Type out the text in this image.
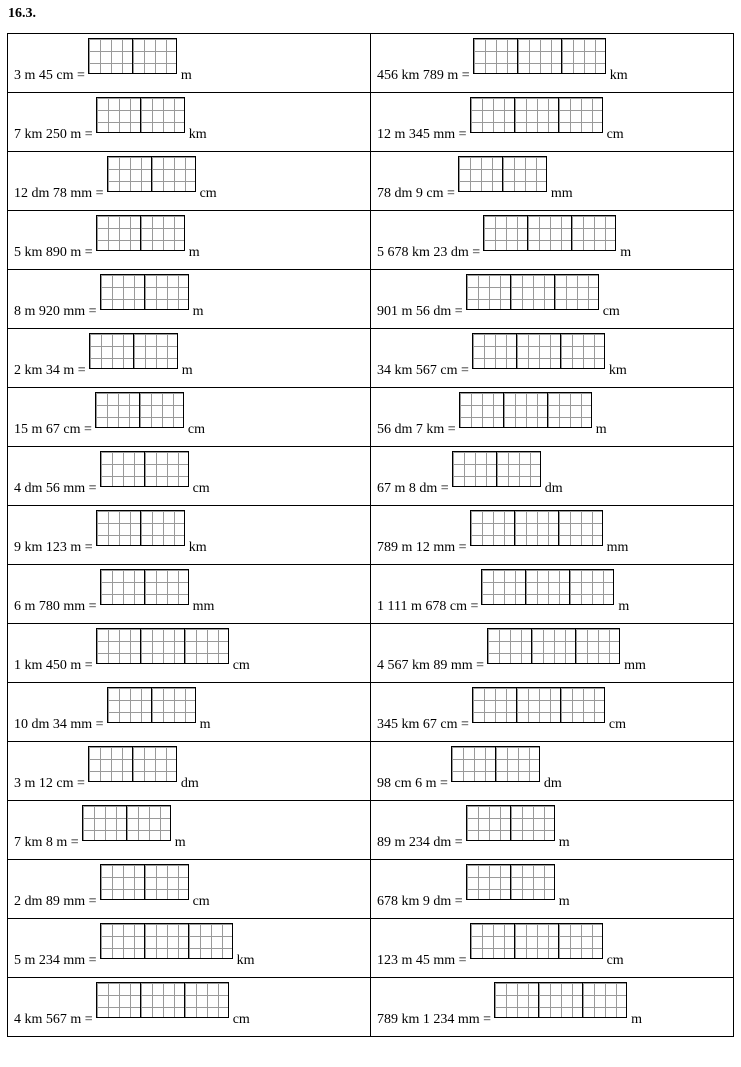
16.3.
3 m 45 cm = m	456 km 789 m = km

7 km 250 m = km	12 m 345 mm = cm

12 dm 78 mm = cm	78 dm 9 cm = mm

5 km 890 m = m	5 678 km 23 dm = m

8 m 920 mm = m	901 m 56 dm = cm

2 km 34 m = m	34 km 567 cm = km

15 m 67 cm = cm	56 dm 7 km = m

4 dm 56 mm = cm	67 m 8 dm = dm

9 km 123 m = km	789 m 12 mm = mm

6 m 780 mm = mm	1 111 m 678 cm = m

1 km 450 m = cm	4 567 km 89 mm = mm

10 dm 34 mm = m	345 km 67 cm = cm

3 m 12 cm = dm	98 cm 6 m = dm

7 km 8 m = m	89 m 234 dm = m

2 dm 89 mm = cm	678 km 9 dm = m

5 m 234 mm = km	123 m 45 mm = cm

4 km 567 m = cm	789 km 1 234 mm = m
